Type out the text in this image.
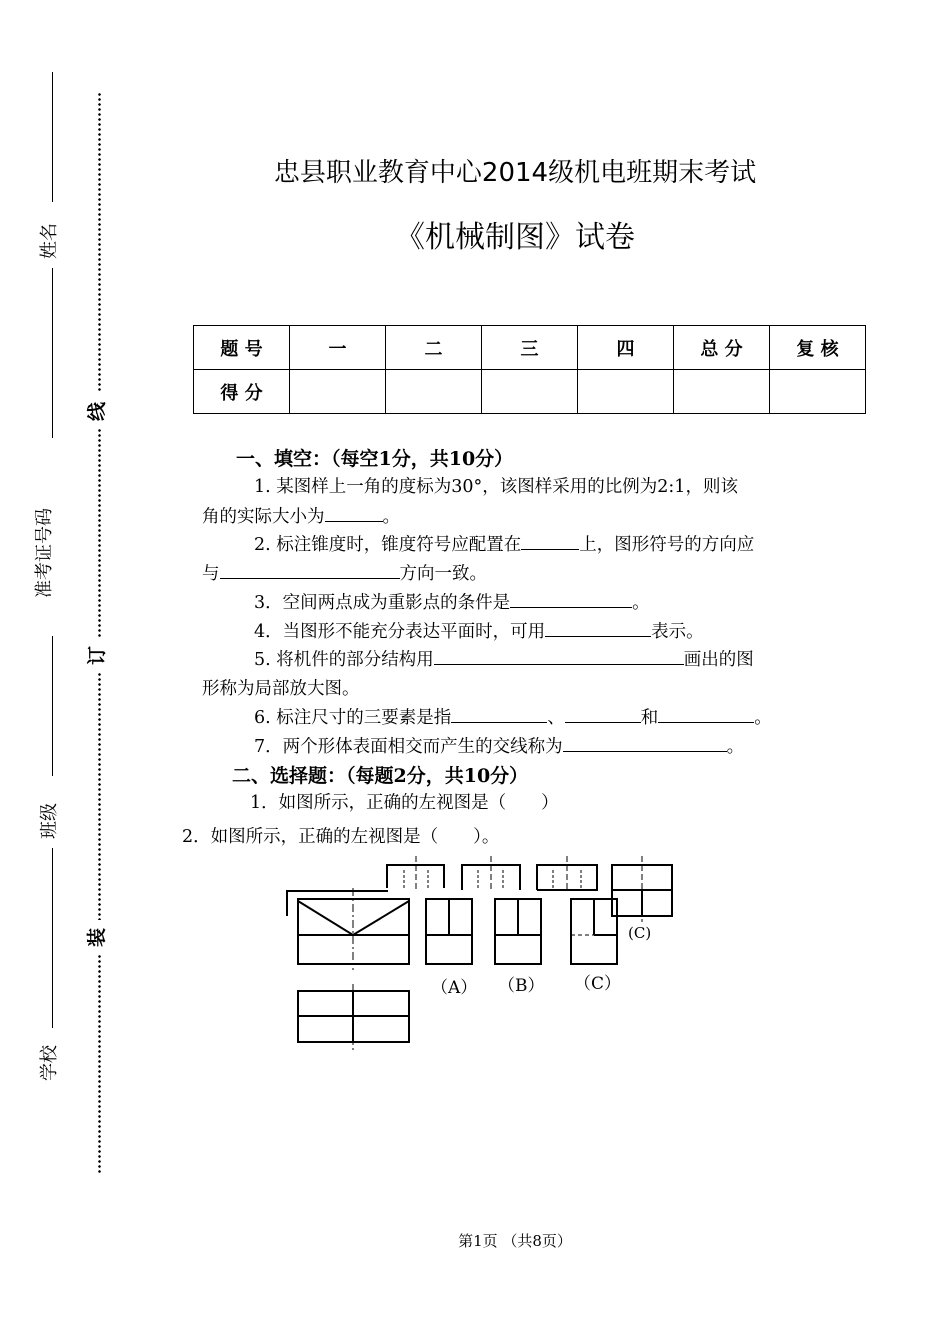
姓名
准考证号码
班级
学校
线
订
装
忠县职业教育中心2014级机电班期末考试
《机械制图》试卷
题 号	一	二	三	四	总 分	复 核
得 分						
一、填空：（每空1分，共10分）
1. 某图样上一角的度标为30°，该图样采用的比例为2:1，则该
角的实际大小为	。
2. 标注锥度时，锥度符号应配置在	上，图形符号的方向应
与	方向一致。
3．空间两点成为重影点的条件是	。
4．当图形不能充分表达平面时，可用	表示。
5. 将机件的部分结构用	画出的图
形称为局部放大图。
6. 标注尺寸的三要素是指	、	和	。
7．两个形体表面相交而产生的交线称为	。
二、选择题：（每题2分，共10分）
1．如图所示，正确的左视图是（　　）
2．如图所示，正确的左视图是（　　）。
（A） （B） （C）
(C)
第1页 （共8页）
